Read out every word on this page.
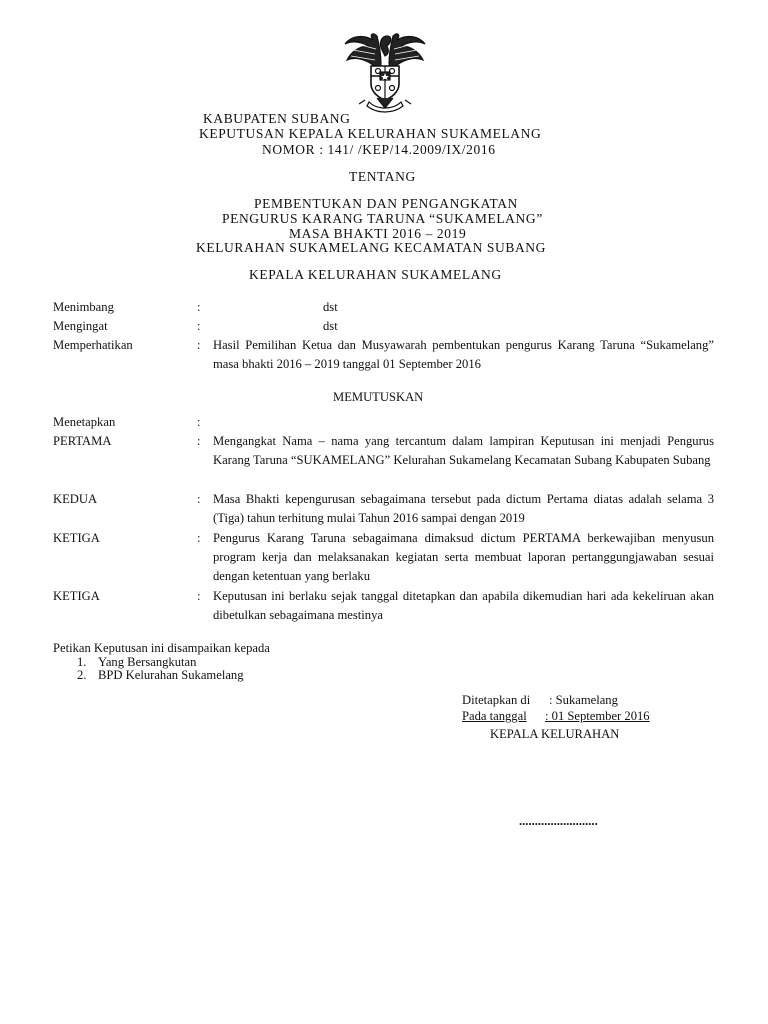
KABUPATEN SUBANG
KEPUTUSAN KEPALA KELURAHAN SUKAMELANG
NOMOR : 141/ /KEP/14.2009/IX/2016
TENTANG
PEMBENTUKAN DAN PENGANGKATAN
PENGURUS KARANG TARUNA “SUKAMELANG”
MASA BHAKTI 2016 – 2019
KELURAHAN SUKAMELANG KECAMATAN SUBANG
KEPALA KELURAHAN SUKAMELANG
Menimbang	:	dst
Mengingat	:	dst
Memperhatikan	: Hasil Pemilihan Ketua dan Musyawarah pembentukan pengurus Karang Taruna “Sukamelang” masa bhakti 2016 – 2019 tanggal 01 September 2016
MEMUTUSKAN
Menetapkan	:
PERTAMA	: Mengangkat Nama – nama yang tercantum dalam lampiran Keputusan ini menjadi Pengurus Karang Taruna “SUKAMELANG” Kelurahan Sukamelang Kecamatan Subang Kabupaten Subang
KEDUA	: Masa Bhakti kepengurusan sebagaimana tersebut pada dictum Pertama diatas adalah selama 3 (Tiga) tahun terhitung mulai Tahun 2016 sampai dengan 2019
KETIGA	: Pengurus Karang Taruna sebagaimana dimaksud dictum PERTAMA berkewajiban menyusun program kerja dan melaksanakan kegiatan serta membuat laporan pertanggungjawaban sesuai dengan ketentuan yang berlaku
KETIGA	: Keputusan ini berlaku sejak tanggal ditetapkan dan apabila dikemudian hari ada kekeliruan akan dibetulkan sebagaimana mestinya
Petikan Keputusan ini disampaikan kepada
1. Yang Bersangkutan
2. BPD Kelurahan Sukamelang
Ditetapkan di : Sukamelang
Pada tanggal : 01 September 2016
KEPALA KELURAHAN
.........................
